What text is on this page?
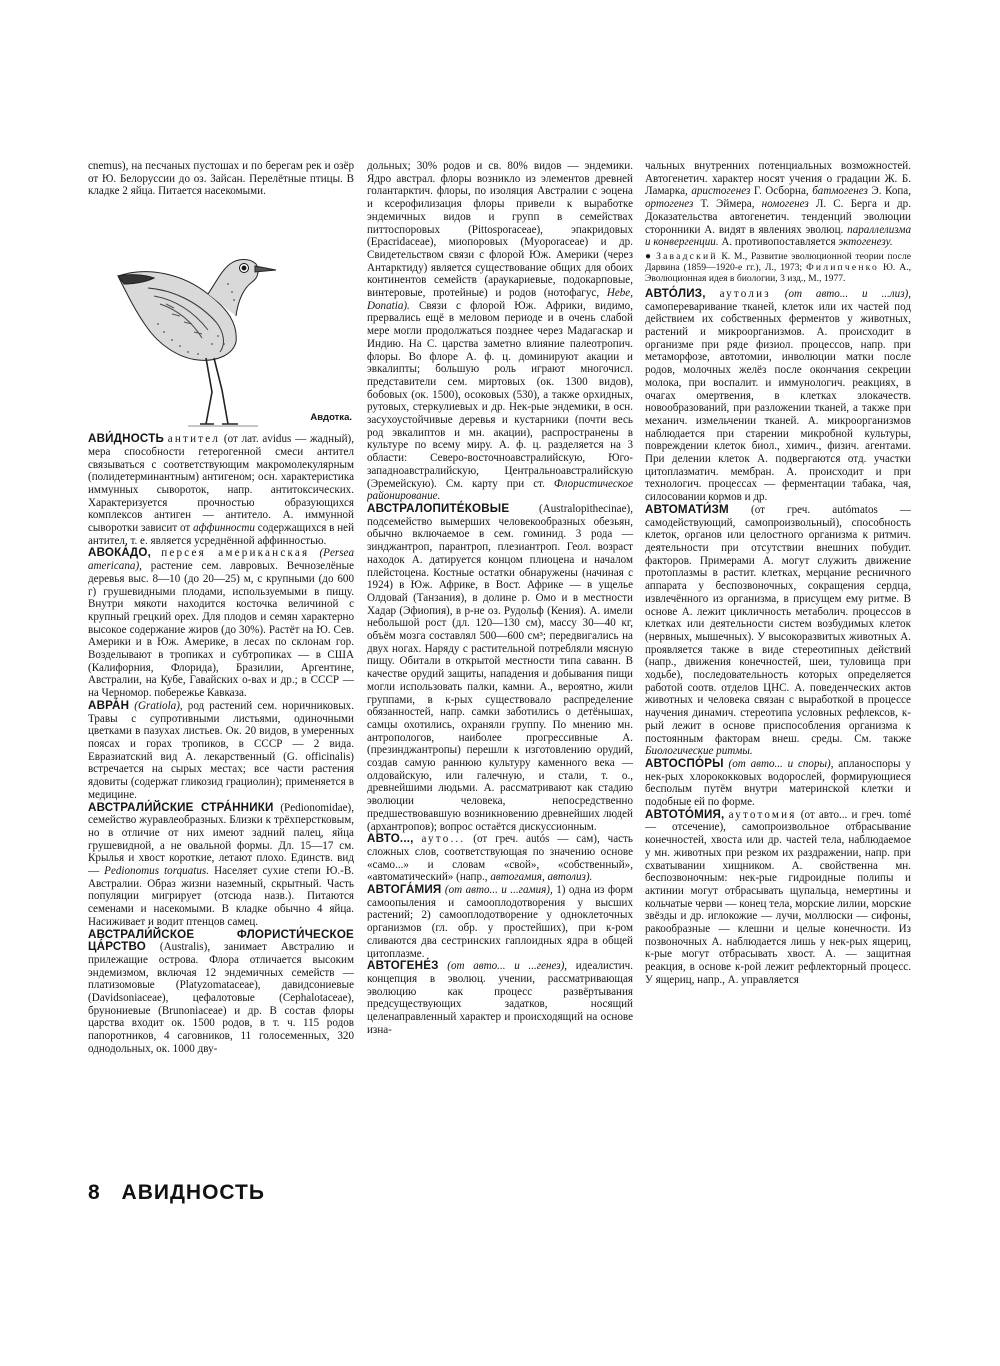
cnemus), на песчаных пустошах и по берегам рек и озёр от Ю. Белоруссии до оз. Зайсан. Перелётные птицы. В кладке 2 яйца. Питается насекомыми.

Авдотка.

АВИ́ДНОСТЬ антител (от лат. avidus — жадный), мера способности гетерогенной смеси антител связываться с соответствующим макромолекулярным (полидетерминантным) антигеном; осн. характеристика иммунных сывороток, напр. антитоксических. Характеризуется прочностью образующихся комплексов антиген — антитело. А. иммунной сыворотки зависит от аффинности содержащихся в ней антител, т. е. является усреднённой аффинностью.

АВОКА́ДО, персея американская (Persea americana), растение сем. лавровых. Вечнозелёные деревья выс. 8—10 (до 20—25) м, с крупными (до 600 г) грушевидными плодами, используемыми в пищу. Внутри мякоти находится косточка величиной с крупный грецкий орех. Для плодов и семян характерно высокое содержание жиров (до 30%). Растёт на Ю. Сев. Америки и в Юж. Америке, в лесах по склонам гор. Возделывают в тропиках и субтропиках — в США (Калифорния, Флорида), Бразилии, Аргентине, Австралии, на Кубе, Гавайских о-вах и др.; в СССР — на Черномор. побережье Кавказа.

АВРА́Н (Gratiola), род растений сем. норичниковых. Травы с супротивными листьями, одиночными цветками в пазухах листьев. Ок. 20 видов, в умеренных поясах и горах тропиков, в СССР — 2 вида. Евразиатский вид А. лекарственный (G. officinalis) встречается на сырых местах; все части растения ядовиты (содержат гликозид грациолин); применяется в медицине.

АВСТРАЛИ́ЙСКИЕ СТРА́ННИКИ (Pedionomidae), семейство журавлеобразных. Близки к трёхперстковым, но в отличие от них имеют задний палец, яйца грушевидной, а не овальной формы. Дл. 15—17 см. Крылья и хвост короткие, летают плохо. Единств. вид — Pedionomus torquatus. Населяет сухие степи Ю.-В. Австралии. Образ жизни наземный, скрытный. Часть популяции мигрирует (отсюда назв.). Питаются семенами и насекомыми. В кладке обычно 4 яйца. Насиживает и водит птенцов самец.

АВСТРАЛИ́ЙСКОЕ ФЛОРИСТИ́ЧЕСКОЕ ЦА́РСТВО (Australis), занимает Австралию и прилежащие острова. Флора отличается высоким эндемизмом, включая 12 эндемичных семейств — платизомовые (Platyzomataceae), давидсониевые (Davidsoniaceae), цефалотовые (Cephalotaceae), брунониевые (Brunoniaceae) и др. В состав флоры царства входит ок. 1500 родов, в т. ч. 115 родов папоротников, 4 саговников, 11 голосеменных, 320 однодольных, ок. 1000 дву-

дольных; 30% родов и св. 80% видов — эндемики. Ядро австрал. флоры возникло из элементов древней голантарктич. флоры, по изоляция Австралии с эоцена и ксерофилизация флоры привели к выработке эндемичных видов и групп в семействах питтоспоровых (Pittosporaceae), эпакридовых (Epacridaceae), миопоровых (Myoporaceae) и др. Свидетельством связи с флорой Юж. Америки (через Антарктиду) является существование общих для обоих континентов семейств (араукариевые, подокарповые, винтеровые, протейные) и родов (нотофагус, Hebe, Donatia). Связи с флорой Юж. Африки, видимо, прервались ещё в меловом периоде и в очень слабой мере могли продолжаться позднее через Мадагаскар и Индию. На С. царства заметно влияние палеотропич. флоры. Во флоре А. ф. ц. доминируют акации и эвкалипты; большую роль играют многочисл. представители сем. миртовых (ок. 1300 видов), бобовых (ок. 1500), осоковых (530), а также орхидных, рутовых, стеркулиевых и др. Нек-рые эндемики, в осн. засухоустойчивые деревья и кустарники (почти весь род эвкалиптов и мн. акации), распространены в культуре по всему миру. А. ф. ц. разделяется на 3 области: Северо-восточноавстралийскую, Юго-западноавстралийскую, Центральноавстралийскую (Эремейскую). См. карту при ст. Флористическое районирование.

АВСТРАЛОПИТЕ́КОВЫЕ	(Australopithecinae), подсемейство вымерших человекообразных обезьян, обычно включаемое в сем. гоминид. 3 рода — зинджантроп, парантроп, плезиантроп. Геол. возраст находок А. датируется концом плиоцена и началом плейстоцена. Костные остатки обнаружены (начиная с 1924) в Юж. Африке, в Вост. Африке — в ущелье Олдовай (Танзания), в долине р. Омо и в местности Хадар (Эфиопия), в р-не оз. Рудольф (Кения). А. имели небольшой рост (дл. 120—130 см), массу 30—40 кг, объём мозга составлял 500—600 см³; передвигались на двух ногах. Наряду с растительной потребляли мясную пищу. Обитали в открытой местности типа саванн. В качестве орудий защиты, нападения и добывания пищи могли использовать палки, камни. А., вероятно, жили группами, в к-рых существовало распределение обязанностей, напр. самки заботились о детёнышах, самцы охотились, охраняли группу. По мнению мн. антропологов, наиболее прогрессивные А. (презинджантропы) перешли к изготовлению орудий, создав самую раннюю культуру каменного века — олдовайскую, или галечную, и стали, т. о., древнейшими людьми. А. рассматривают как стадию эволюции человека, непосредственно предшествовавшую возникновению древнейших людей (архантропов); вопрос остаётся дискуссионным.

АВТО..., ауто... (от греч. autós — сам), часть сложных слов, соответствующая по значению основе «само...» и словам «свой», «собственный», «автоматический» (напр., автогамия, автолиз).

АВТОГА́МИЯ (от авто... и ...гамия), 1) одна из форм самоопыления и самооплодотворения у высших растений; 2) самооплодотворение у одноклеточных организмов (гл. обр. у простейших), при к-ром сливаются два сестринских гаплоидных ядра в общей цитоплазме.

АВТОГЕНЕ́З (от авто... и ...генез), идеалистич. концепция в эволюц. учении, рассматривающая эволюцию как процесс развёртывания предсуществующих задатков, носящий целенаправленный характер и происходящий на основе изна-

чальных внутренних потенциальных возможностей. Автогенетич. характер носят учения о градации Ж. Б. Ламарка, аристогенез Г. Осборна, батмогенез Э. Копа, ортогенез Т. Эймера, номогенез Л. С. Берга и др. Доказательства автогенетич. тенденций эволюции сторонники А. видят в явлениях эволюц. параллелизма и конвергенции. А. противопоставляется эктогенезу.

● Завадский К. М., Развитие эволюционной теории после Дарвина (1859—1920-е гг.), Л., 1973; Филипченко Ю. А., Эволюционная идея в биологии, 3 изд., М., 1977.

АВТО́ЛИЗ, аутолиз (от авто... и ...лиз), самопереваривание тканей, клеток или их частей под действием их собственных ферментов у животных, растений и микроорганизмов. А. происходит в организме при ряде физиол. процессов, напр. при метаморфозе, автотомии, инволюции матки после родов, молочных желёз после окончания секреции молока, при воспалит. и иммунологич. реакциях, в очагах омертвения, в клетках злокачеств. новообразований, при разложении тканей, а также при механич. измельчении тканей. А. микроорганизмов наблюдается при старении микробной культуры, повреждении клеток биол., химич., физич. агентами. При делении клеток А. подвергаются отд. участки цитоплазматич. мембран. А. происходит и при технологич. процессах — ферментации табака, чая, силосовании кормов и др.

АВТОМАТИ́ЗМ (от греч. autómatos — самодействующий, самопроизвольный), способность клеток, органов или целостного организма к ритмич. деятельности при отсутствии внешних побудит. факторов. Примерами А. могут служить движение протоплазмы в растит. клетках, мерцание ресничного аппарата у беспозвоночных, сокращения сердца, извлечённого из организма, в присущем ему ритме. В основе А. лежит цикличность метаболич. процессов в клетках или деятельности систем возбудимых клеток (нервных, мышечных). У высокоразвитых животных А. проявляется также в виде стереотипных действий (напр., движения конечностей, шеи, туловища при ходьбе), последовательность которых определяется работой соотв. отделов ЦНС. А. поведенческих актов животных и человека связан с выработкой в процессе научения динамич. стереотипа условных рефлексов, к-рый лежит в основе приспособления организма к постоянным факторам внеш. среды. См. также Биологические ритмы.

АВТОСПО́РЫ (от авто... и споры), апланоспоры у нек-рых хлорококковых водорослей, формирующиеся бесполым путём внутри материнской клетки и подобные ей по форме.

АВТОТО́МИЯ, аутотомия (от авто... и греч. tomé — отсечение), самопроизвольное отбрасывание конечностей, хвоста или др. частей тела, наблюдаемое у мн. животных при резком их раздражении, напр. при схватывании хищником. А. свойственна мн. беспозвоночным: нек-рые гидроидные полипы и актинии могут отбрасывать щупальца, немертины и кольчатые черви — конец тела, морские лилии, морские звёзды и др. иглокожие — лучи, моллюски — сифоны, ракообразные — клешни и целые конечности. Из позвоночных А. наблюдается лишь у нек-рых ящериц, к-рые могут отбрасывать хвост. А. — защитная реакция, в основе к-рой лежит рефлекторный процесс. У ящериц, напр., А. управляется

8 АВИДНОСТЬ
